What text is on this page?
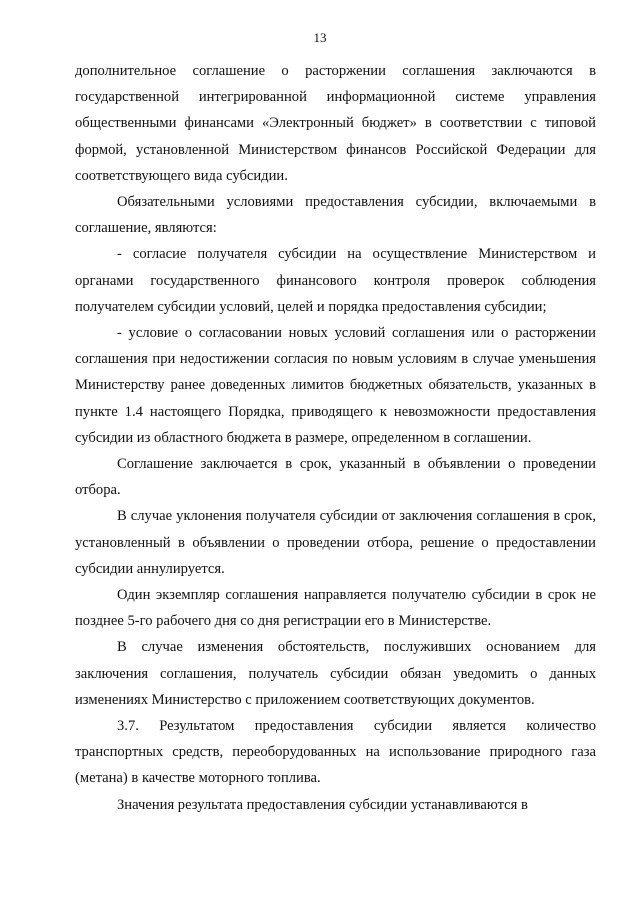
13

дополнительное соглашение о расторжении соглашения заключаются в государственной интегрированной информационной системе управления общественными финансами «Электронный бюджет» в соответствии с типовой формой, установленной Министерством финансов Российской Федерации для соответствующего вида субсидии.

Обязательными условиями предоставления субсидии, включаемыми в соглашение, являются:

- согласие получателя субсидии на осуществление Министерством и органами государственного финансового контроля проверок соблюдения получателем субсидии условий, целей и порядка предоставления субсидии;

- условие о согласовании новых условий соглашения или о расторжении соглашения при недостижении согласия по новым условиям в случае уменьшения Министерству ранее доведенных лимитов бюджетных обязательств, указанных в пункте 1.4 настоящего Порядка, приводящего к невозможности предоставления субсидии из областного бюджета в размере, определенном в соглашении.

Соглашение заключается в срок, указанный в объявлении о проведении отбора.

В случае уклонения получателя субсидии от заключения соглашения в срок, установленный в объявлении о проведении отбора, решение о предоставлении субсидии аннулируется.

Один экземпляр соглашения направляется получателю субсидии в срок не позднее 5-го рабочего дня со дня регистрации его в Министерстве.

В случае изменения обстоятельств, послуживших основанием для заключения соглашения, получатель субсидии обязан уведомить о данных изменениях Министерство с приложением соответствующих документов.

3.7. Результатом предоставления субсидии является количество транспортных средств, переоборудованных на использование природного газа (метана) в качестве моторного топлива.

Значения результата предоставления субсидии устанавливаются в
